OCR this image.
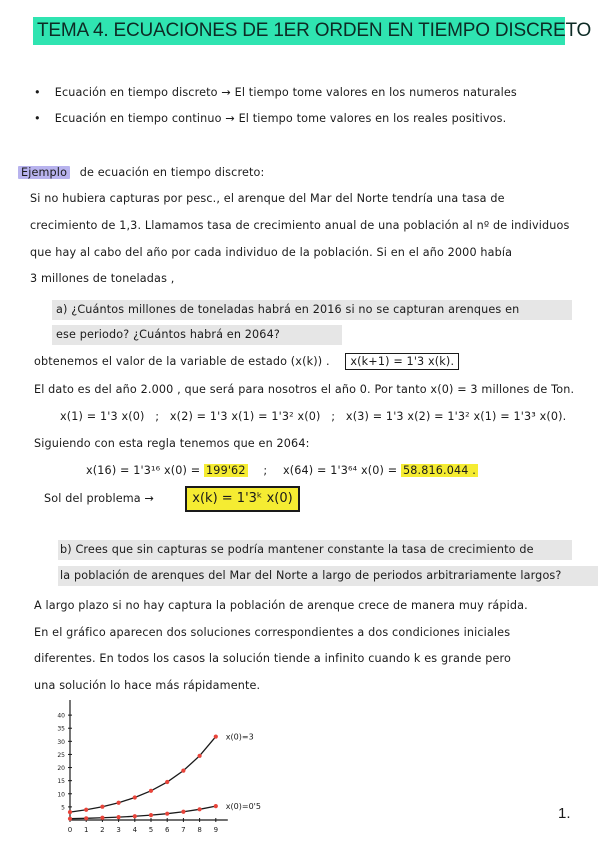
TEMA 4. ECUACIONES DE 1ER ORDEN EN TIEMPO DISCRETO
• Ecuación en tiempo discreto → El tiempo tome valores en los numeros naturales
• Ecuación en tiempo continuo → El tiempo tome valores en los reales positivos.
Ejemplo de ecuación en tiempo discreto:
Si no hubiera capturas por pesc., el arenque del Mar del Norte tendría una tasa de
crecimiento de 1,3. Llamamos tasa de crecimiento anual de una población al nº de individuos
que hay al cabo del año por cada individuo de la población. Si en el año 2000 había
3 millones de toneladas ,
a) ¿Cuántos millones de toneladas habrá en 2016 si no se capturan arenques en
ese periodo? ¿Cuántos habrá en 2064?
obtenemos el valor de la variable de estado (x(k)) . x(k+1) = 1'3 x(k).
El dato es del año 2.000 , que será para nosotros el año 0. Por tanto x(0) = 3 millones de Ton.
x(1) = 1'3 x(0) ; x(2) = 1'3 x(1) = 1'3² x(0) ; x(3) = 1'3 x(2) = 1'3² x(1) = 1'3³ x(0).
Siguiendo con esta regla tenemos que en 2064:
x(16) = 1'3¹⁶ x(0) = 199'62 ; x(64) = 1'3⁶⁴ x(0) = 58.816.044 .
Sol del problema →	x(k) = 1'3ᵏ x(0)
b) Crees que sin capturas se podría mantener constante la tasa de crecimiento de
la población de arenques del Mar del Norte a largo de periodos arbitrariamente largos?
A largo plazo si no hay captura la población de arenque crece de manera muy rápida.
En el gráfico aparecen dos soluciones correspondientes a dos condiciones iniciales
diferentes. En todos los casos la solución tiende a infinito cuando k es grande pero
una solución lo hace más rápidamente.
0 1 2 3 4 5 6 7 8 9
5
10
15
20
25
30
35
40
x(0)=3
x(0)=0'5	1.
